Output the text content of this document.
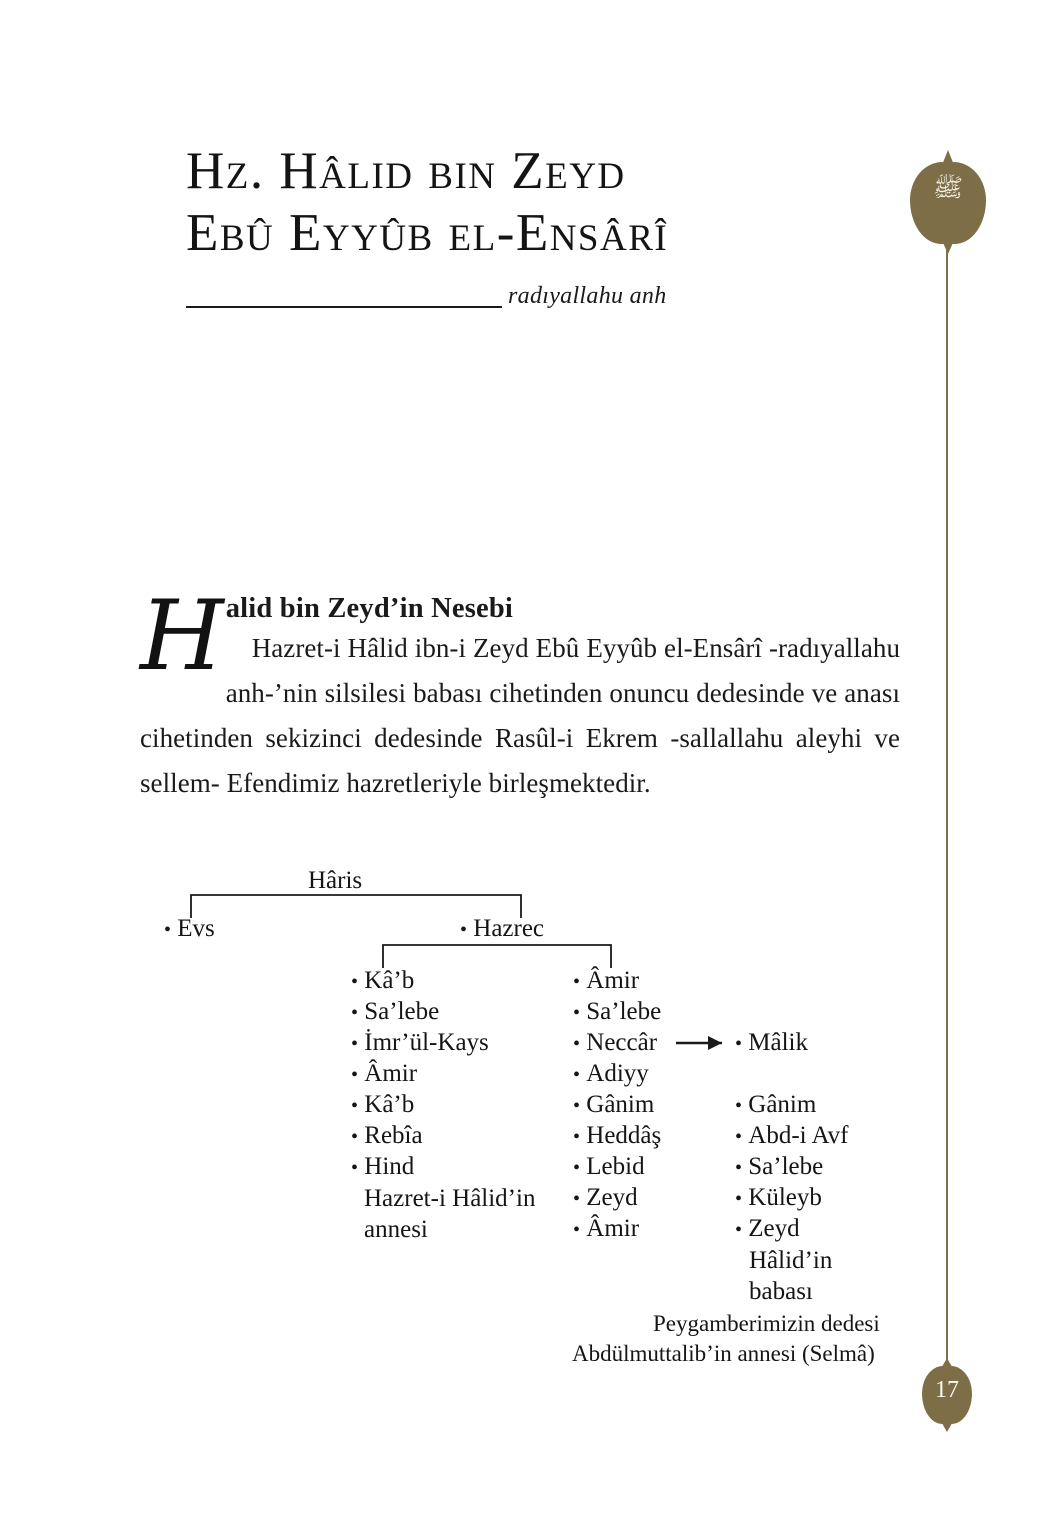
Hz. Hâlid bin Zeyd
Ebû Eyyûb el-Ensârî
radıyallahu anh
ﷺ
17
H alid bin Zeyd’in Nesebi

Hazret-i Hâlid ibn-i Zeyd Ebû Eyyûb el-Ensârî -radıyallahu anh-’nin silsilesi babası cihetinden onuncu dedesinde ve anası cihetinden sekizinci dedesinde Rasûl-i Ekrem -sallallahu aleyhi ve sellem- Efendimiz hazretleriyle birleşmektedir.

Hâris
• Evs	• Hazrec
• Kâ’b
• Sa’lebe
• İmr’ül-Kays
• Âmir
• Kâ’b
• Rebîa
• Hind
Hazret-i Hâlid’in
annesi
• Âmir
• Sa’lebe
• Neccâr
• Adiyy
• Gânim
• Heddâş
• Lebid
• Zeyd
• Âmir
• Mâlik
• Gânim
• Abd-i Avf
• Sa’lebe
• Küleyb
• Zeyd
Hâlid’in
babası
Peygamberimizin dedesi
Abdülmuttalib’in annesi (Selmâ)
